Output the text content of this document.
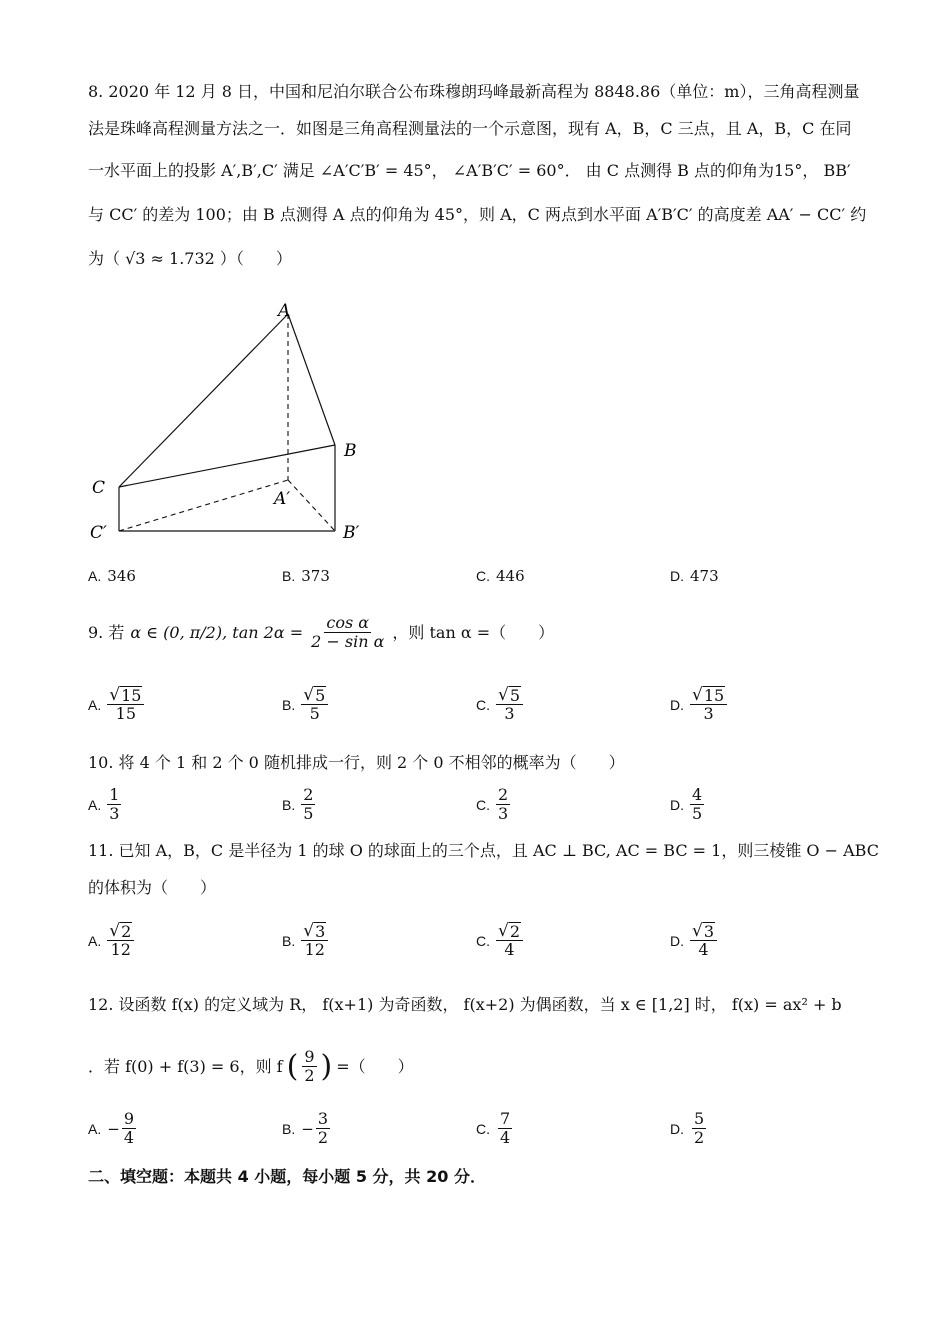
8. 2020 年 12 月 8 日，中国和尼泊尔联合公布珠穆朗玛峰最新高程为 8848.86（单位：m），三角高程测量
法是珠峰高程测量方法之一．如图是三角高程测量法的一个示意图，现有 A，B，C 三点，且 A，B，C 在同
一水平面上的投影 A′,B′,C′ 满足 ∠A′C′B′ = 45°， ∠A′B′C′ = 60°． 由 C 点测得 B 点的仰角为15°， BB′
与 CC′ 的差为 100；由 B 点测得 A 点的仰角为 45°，则 A，C 两点到水平面 A′B′C′ 的高度差 AA′ − CC′ 约
为（ √3 ≈ 1.732 ）（　　）
A
B
C
A′
C′	B′
A. 346	B. 373	C. 446	D. 473
9. 若 α ∈ (0, π/2), $\tan 2\alpha = \frac{\text{cos α}}{\text{2 − sin α}}$ ，则 tan α =（　　）
A. $\frac{√ 15}{15}$	B. $\frac{√ 5}{5}$	C. $\frac{√ 5}{3}$	D. $\frac{√ 15}{3}$
10. 将 4 个 1 和 2 个 0 随机排成一行，则 2 个 0 不相邻的概率为（　　）
A. $\frac{1}{3}$	B. $\frac{2}{5}$	C. $\frac{2}{3}$	D. $\frac{4}{5}$
11. 已知 A，B，C 是半径为 1 的球 O 的球面上的三个点，且 AC ⊥ BC, AC = BC = 1，则三棱锥 O − ABC
的体积为（　　）
A. $\frac{√ 2}{12}$	B. $\frac{√ 3}{12}$	C. $\frac{√ 2}{4}$	D. $\frac{√ 3}{4}$
12. 设函数 f(x) 的定义域为 R， f(x+1) 为奇函数， f(x+2) 为偶函数，当 x ∈ [1,2] 时， f(x) = ax² + b
．若 f(0) + f(3) = 6，则 f ( $\frac{9}{2}$ ) =（　　）
A. − $\frac{9}{4}$	B. − $\frac{3}{2}$	C. $\frac{7}{4}$	D. $\frac{5}{2}$
二、填空题：本题共 4 小题，每小题 5 分，共 20 分．
